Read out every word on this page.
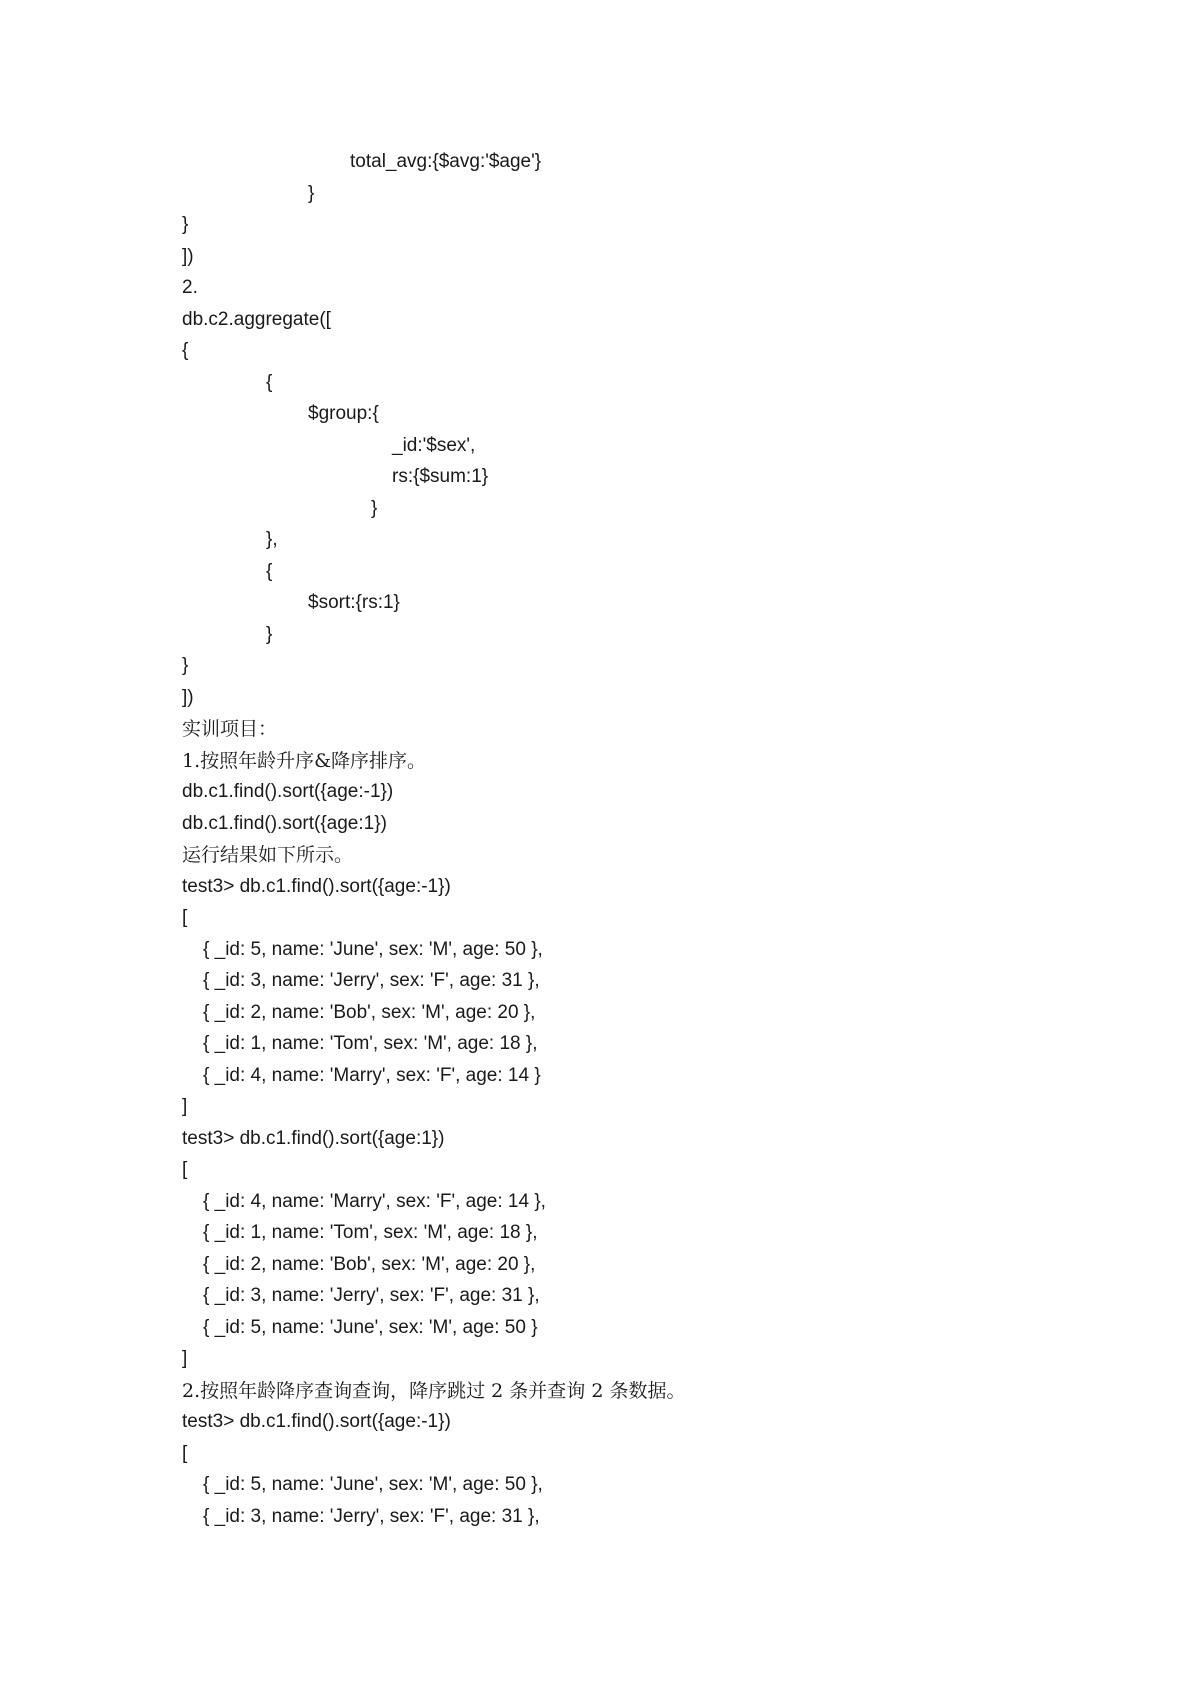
total_avg:{$avg:'$age'}
}
}
])
2.
db.c2.aggregate([
{
{
$group:{
_id:'$sex',
rs:{$sum:1}
}
},
{
$sort:{rs:1}
}
}
])
实训项目：
1.按照年龄升序&降序排序。
db.c1.find().sort({age:-1})
db.c1.find().sort({age:1})
运行结果如下所示。
test3> db.c1.find().sort({age:-1})
[
{ _id: 5, name: 'June', sex: 'M', age: 50 },
{ _id: 3, name: 'Jerry', sex: 'F', age: 31 },
{ _id: 2, name: 'Bob', sex: 'M', age: 20 },
{ _id: 1, name: 'Tom', sex: 'M', age: 18 },
{ _id: 4, name: 'Marry', sex: 'F', age: 14 }
]
test3> db.c1.find().sort({age:1})
[
{ _id: 4, name: 'Marry', sex: 'F', age: 14 },
{ _id: 1, name: 'Tom', sex: 'M', age: 18 },
{ _id: 2, name: 'Bob', sex: 'M', age: 20 },
{ _id: 3, name: 'Jerry', sex: 'F', age: 31 },
{ _id: 5, name: 'June', sex: 'M', age: 50 }
]
2.按照年龄降序查询查询，降序跳过 2 条并查询 2 条数据。
test3> db.c1.find().sort({age:-1})
[
{ _id: 5, name: 'June', sex: 'M', age: 50 },
{ _id: 3, name: 'Jerry', sex: 'F', age: 31 },
